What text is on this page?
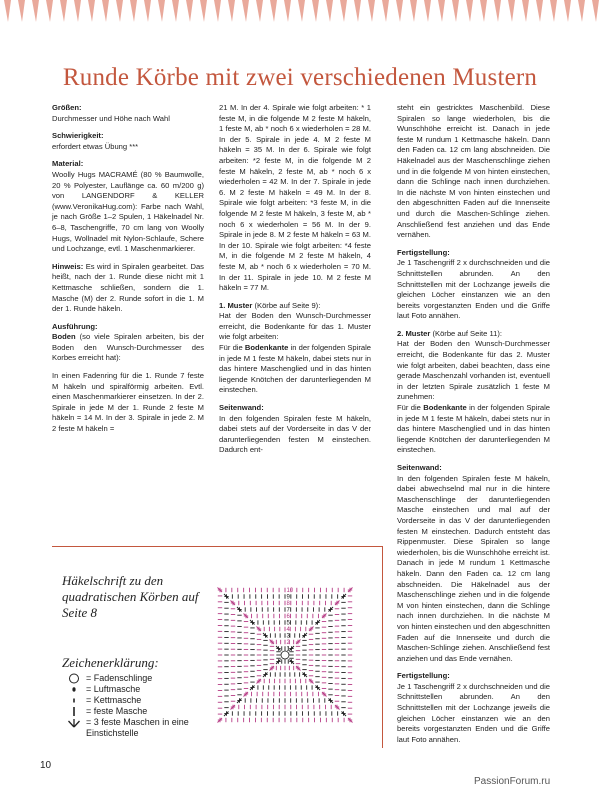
Runde Körbe mit zwei verschiedenen Mustern

Größen:
Durchmesser und Höhe nach Wahl

Schwierigkeit:
erfordert etwas Übung ***

Material:
Woolly Hugs MACRAMÉ (80 % Baumwolle, 20 % Polyester, Lauflänge ca. 60 m/200 g) von LANGENDORF & KELLER (www.VeronikaHug.com): Farbe nach Wahl, je nach Größe 1–2 Spulen, 1 Häkelnadel Nr. 6–8, Taschengriffe, 70 cm lang von Woolly Hugs, Wollnadel mit Nylon-Schlaufe, Schere und Lochzange, evtl. 1 Maschenmarkierer.

Hinweis: Es wird in Spiralen gearbeitet. Das heißt, nach der 1. Runde diese nicht mit 1 Kettmasche schließen, sondern die 1. Masche (M) der 2. Runde sofort in die 1. M der 1. Runde häkeln.

Ausführung:
Boden (so viele Spiralen arbeiten, bis der Boden den Wunsch-Durchmesser des Korbes erreicht hat):

In einen Fadenring für die 1. Runde 7 feste M häkeln und spiralförmig arbeiten. Evtl. einen Maschenmarkierer einsetzen. In der 2. Spirale in jede M der 1. Runde 2 feste M häkeln = 14 M. In der 3. Spirale in jede 2. M 2 feste M häkeln =

21 M. In der 4. Spirale wie folgt arbeiten: * 1 feste M, in die folgende M 2 feste M häkeln, 1 feste M, ab * noch 6 x wiederholen = 28 M. In der 5. Spirale in jede 4. M 2 feste M häkeln = 35 M. In der 6. Spirale wie folgt arbeiten: *2 feste M, in die folgende M 2 feste M häkeln, 2 feste M, ab * noch 6 x wiederholen = 42 M. In der 7. Spirale in jede 6. M 2 feste M häkeln = 49 M. In der 8. Spirale wie folgt arbeiten: *3 feste M, in die folgende M 2 feste M häkeln, 3 feste M, ab * noch 6 x wiederholen = 56 M. In der 9. Spirale in jede 8. M 2 feste M häkeln = 63 M. In der 10. Spirale wie folgt arbeiten: *4 feste M, in die folgende M 2 feste M häkeln, 4 feste M, ab * noch 6 x wiederholen = 70 M. In der 11. Spirale in jede 10. M 2 feste M häkeln = 77 M.

1. Muster (Körbe auf Seite 9):
Hat der Boden den Wunsch-Durchmesser erreicht, die Bodenkante für das 1. Muster wie folgt arbeiten:
Für die Bodenkante in der folgenden Spirale in jede M 1 feste M häkeln, dabei stets nur in das hintere Maschenglied und in das hinten liegende Knötchen der darunterliegenden M einstechen.

Seitenwand:
In den folgenden Spiralen feste M häkeln, dabei stets auf der Vorderseite in das V der darunterliegenden festen M einstechen. Dadurch ent-

steht ein gestricktes Maschenbild. Diese Spiralen so lange wiederholen, bis die Wunschhöhe erreicht ist. Danach in jede feste M rundum 1 Kettmasche häkeln. Dann den Faden ca. 12 cm lang abschneiden. Die Häkelnadel aus der Maschenschlinge ziehen und in die folgende M von hinten einstechen, dann die Schlinge nach innen durchziehen. In die nächste M von hinten einstechen und den abgeschnitten Faden auf die Innenseite und durch die Maschen-Schlinge ziehen. Anschließend fest anziehen und das Ende vernähen.

Fertigstellung:
Je 1 Taschengriff 2 x durchschneiden und die Schnittstellen abrunden. An den Schnittstellen mit der Lochzange jeweils die gleichen Löcher einstanzen wie an den bereits vorgestanzten Enden und die Griffe laut Foto annähen.

2. Muster (Körbe auf Seite 11):
Hat der Boden den Wunsch-Durchmesser erreicht, die Bodenkante für das 2. Muster wie folgt arbeiten, dabei beachten, dass eine gerade Maschenzahl vorhanden ist, eventuell in der letzten Spirale zusätzlich 1 feste M zunehmen:
Für die Bodenkante in der folgenden Spirale in jede M 1 feste M häkeln, dabei stets nur in das hintere Maschenglied und in das hinten liegende Knötchen der darunterliegenden M einstechen.

Seitenwand:
In den folgenden Spiralen feste M häkeln, dabei abwechselnd mal nur in die hintere Maschenschlinge der darunterliegenden Masche einstechen und mal auf der Vorderseite in das V der darunterliegenden festen M einstechen. Dadurch entsteht das Rippenmuster. Diese Spiralen so lange wiederholen, bis die Wunschhöhe erreicht ist. Danach in jede M rundum 1 Kettmasche häkeln. Dann den Faden ca. 12 cm lang abschneiden. Die Häkelnadel aus der Maschenschlinge ziehen und in die folgende M von hinten einstechen, dann die Schlinge nach innen durchziehen. In die nächste M von hinten einstechen und den abgeschnitten Faden auf die Innenseite und durch die Maschen-Schlinge ziehen. Anschließend fest anziehen und das Ende vernähen.

Fertigstellung:
Je 1 Taschengriff 2 x durchschneiden und die Schnittstellen abrunden. An den Schnittstellen mit der Lochzange jeweils die gleichen Löcher einstanzen wie an den bereits vorgestanzten Enden und die Griffe laut Foto annähen.

Häkelschrift zu den quadratischen Körben auf Seite 8
Zeichenerklärung:
= Fadenschlinge
= Luftmasche
= Kettmasche
= feste Masche
= 3 feste Maschen in eine Einstichstelle
10
9
8
7
6
5
4
3
2
1
10
PassionForum.ru
